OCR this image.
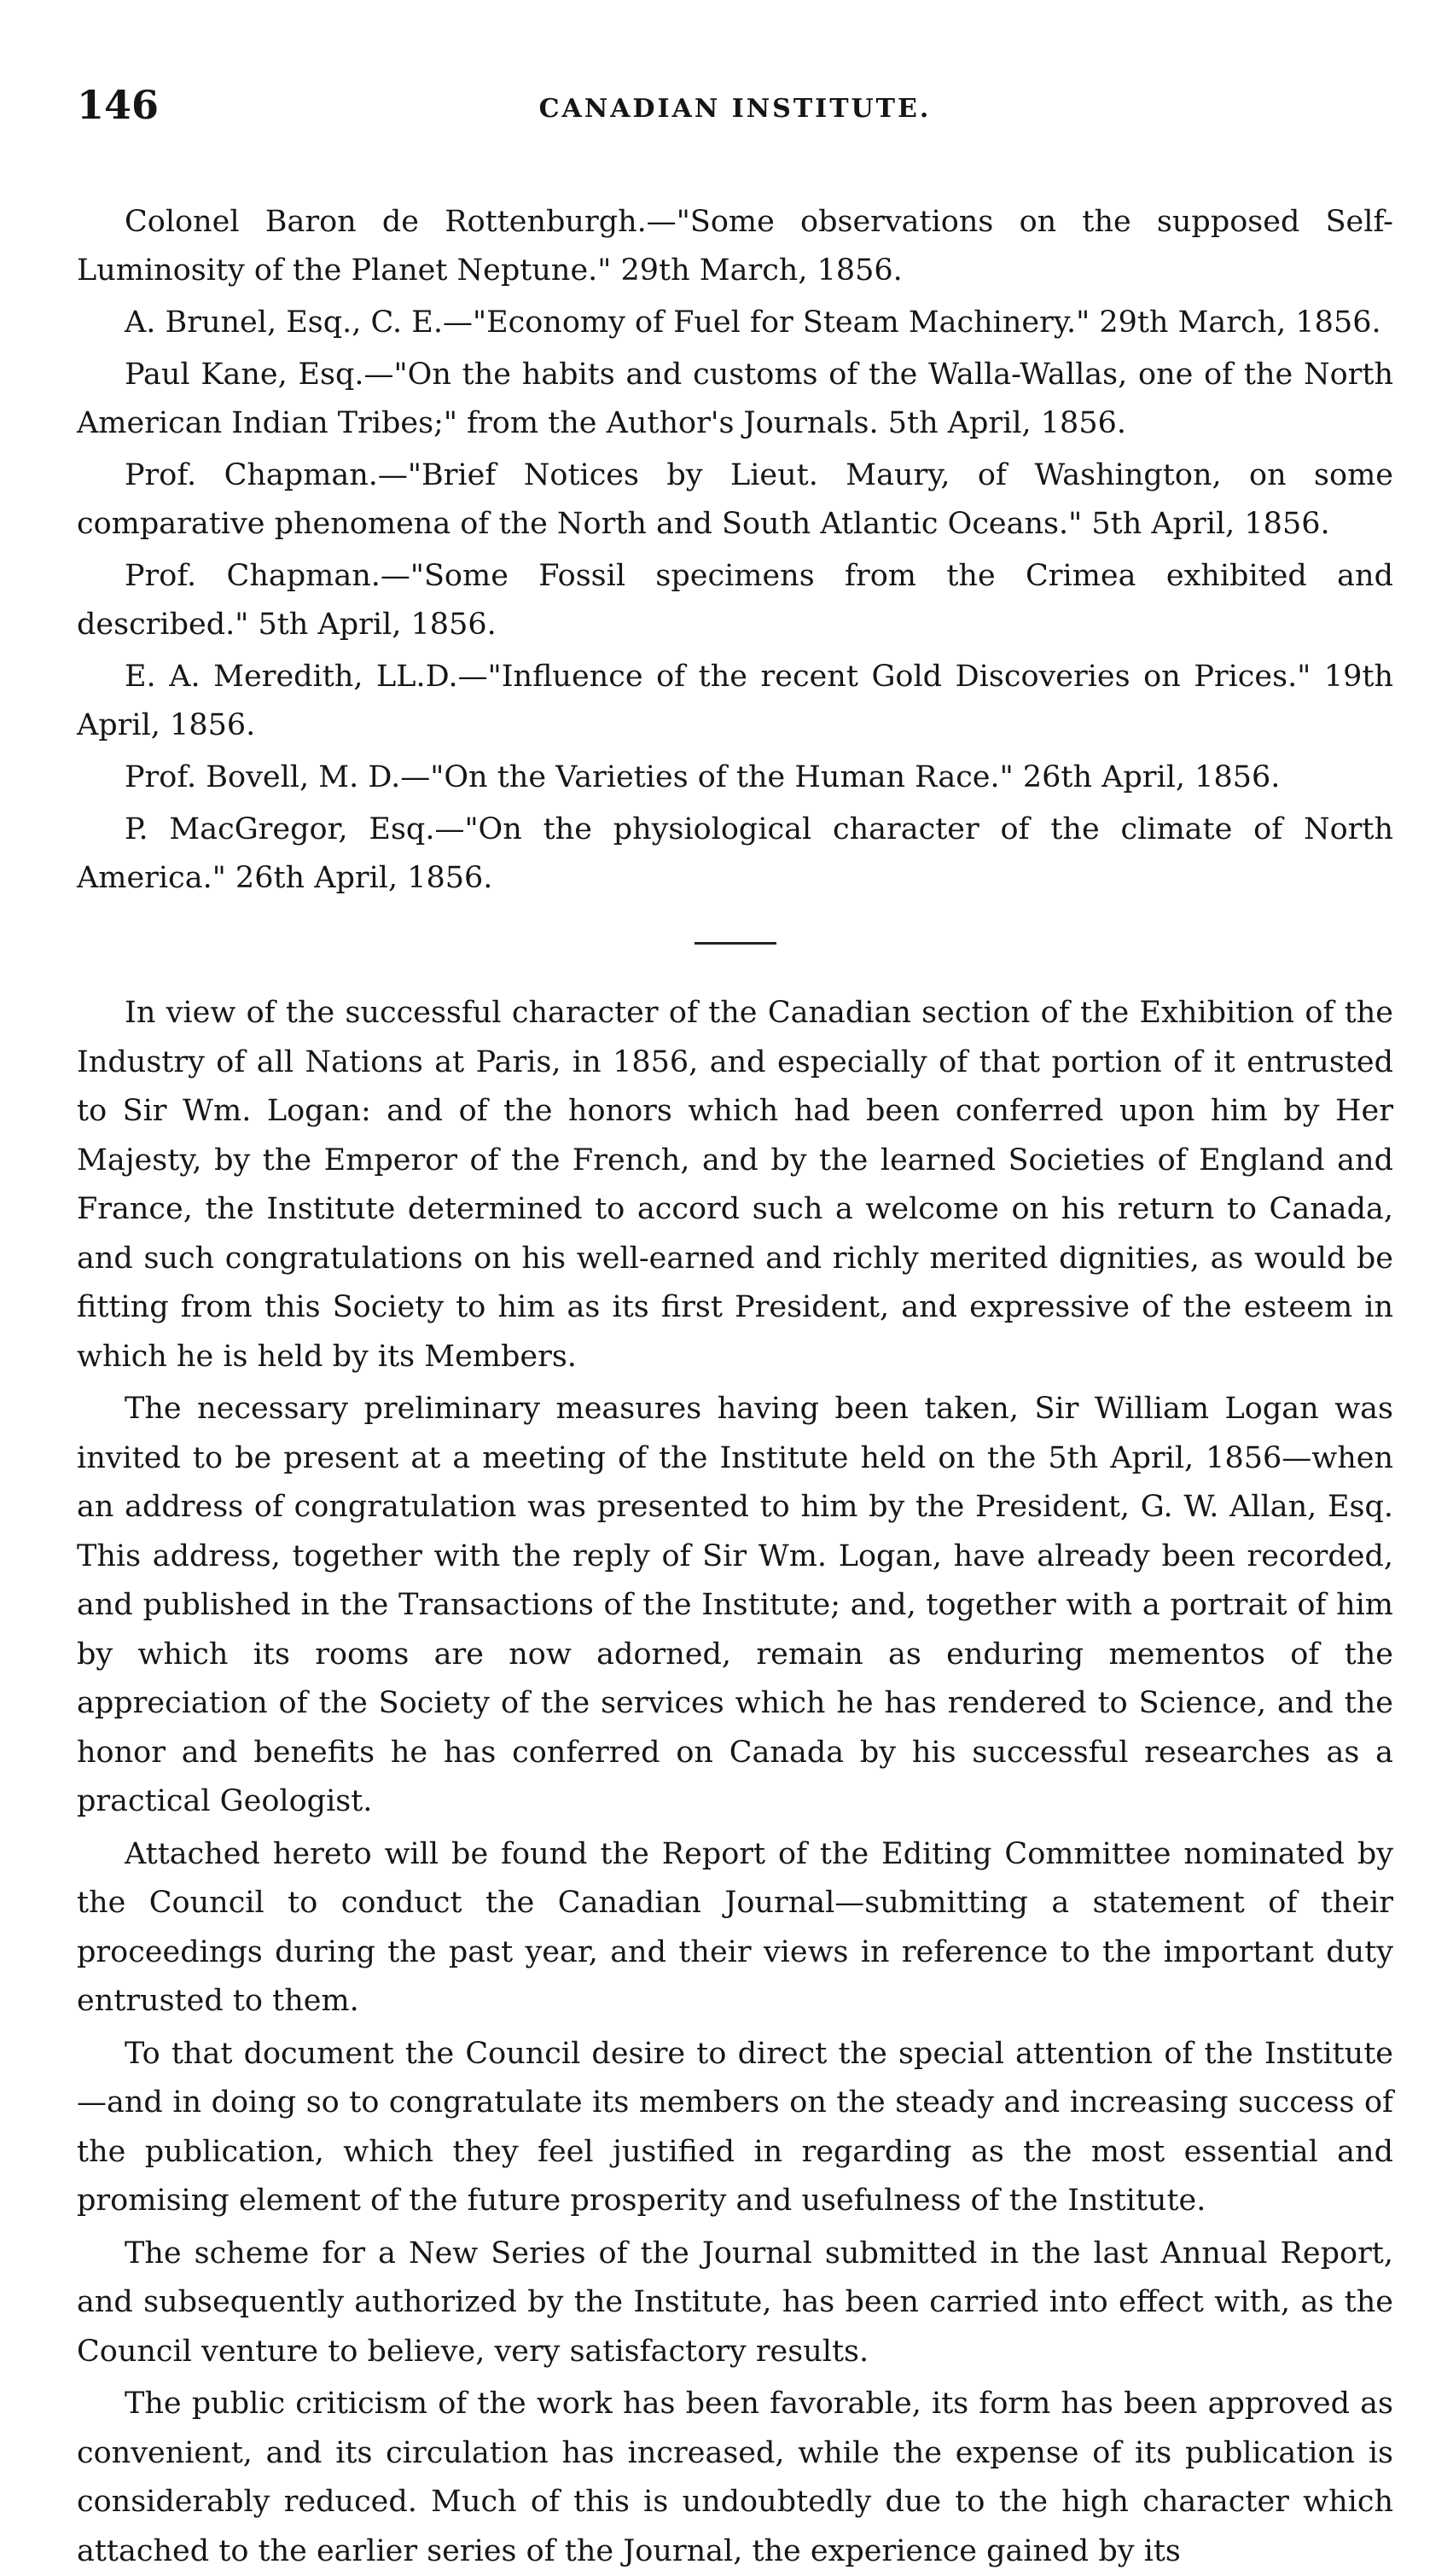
146	CANADIAN INSTITUTE.

Colonel Baron de Rottenburgh.—"Some observations on the supposed Self-Luminosity of the Planet Neptune." 29th March, 1856.

A. Brunel, Esq., C. E.—"Economy of Fuel for Steam Machinery." 29th March, 1856.

Paul Kane, Esq.—"On the habits and customs of the Walla-Wallas, one of the North American Indian Tribes;" from the Author's Journals. 5th April, 1856.

Prof. Chapman.—"Brief Notices by Lieut. Maury, of Washington, on some comparative phenomena of the North and South Atlantic Oceans." 5th April, 1856.

Prof. Chapman.—"Some Fossil specimens from the Crimea exhibited and described." 5th April, 1856.

E. A. Meredith, LL.D.—"Influence of the recent Gold Discoveries on Prices." 19th April, 1856.

Prof. Bovell, M. D.—"On the Varieties of the Human Race." 26th April, 1856.

P. MacGregor, Esq.—"On the physiological character of the climate of North America." 26th April, 1856.

In view of the successful character of the Canadian section of the Exhibition of the Industry of all Nations at Paris, in 1856, and especially of that portion of it entrusted to Sir Wm. Logan: and of the honors which had been conferred upon him by Her Majesty, by the Emperor of the French, and by the learned Societies of England and France, the Institute determined to accord such a welcome on his return to Canada, and such congratulations on his well-earned and richly merited dignities, as would be fitting from this Society to him as its first President, and expressive of the esteem in which he is held by its Members.

The necessary preliminary measures having been taken, Sir William Logan was invited to be present at a meeting of the Institute held on the 5th April, 1856—when an address of congratulation was presented to him by the President, G. W. Allan, Esq. This address, together with the reply of Sir Wm. Logan, have already been recorded, and published in the Transactions of the Institute; and, together with a portrait of him by which its rooms are now adorned, remain as enduring mementos of the appreciation of the Society of the services which he has rendered to Science, and the honor and benefits he has conferred on Canada by his successful researches as a practical Geologist.

Attached hereto will be found the Report of the Editing Committee nominated by the Council to conduct the Canadian Journal—submitting a statement of their proceedings during the past year, and their views in reference to the important duty entrusted to them.

To that document the Council desire to direct the special attention of the Institute—and in doing so to congratulate its members on the steady and increasing success of the publication, which they feel justified in regarding as the most essential and promising element of the future prosperity and usefulness of the Institute.

The scheme for a New Series of the Journal submitted in the last Annual Report, and subsequently authorized by the Institute, has been carried into effect with, as the Council venture to believe, very satisfactory results.

The public criticism of the work has been favorable, its form has been approved as convenient, and its circulation has increased, while the expense of its publication is considerably reduced. Much of this is undoubtedly due to the high character which attached to the earlier series of the Journal, the experience gained by its
